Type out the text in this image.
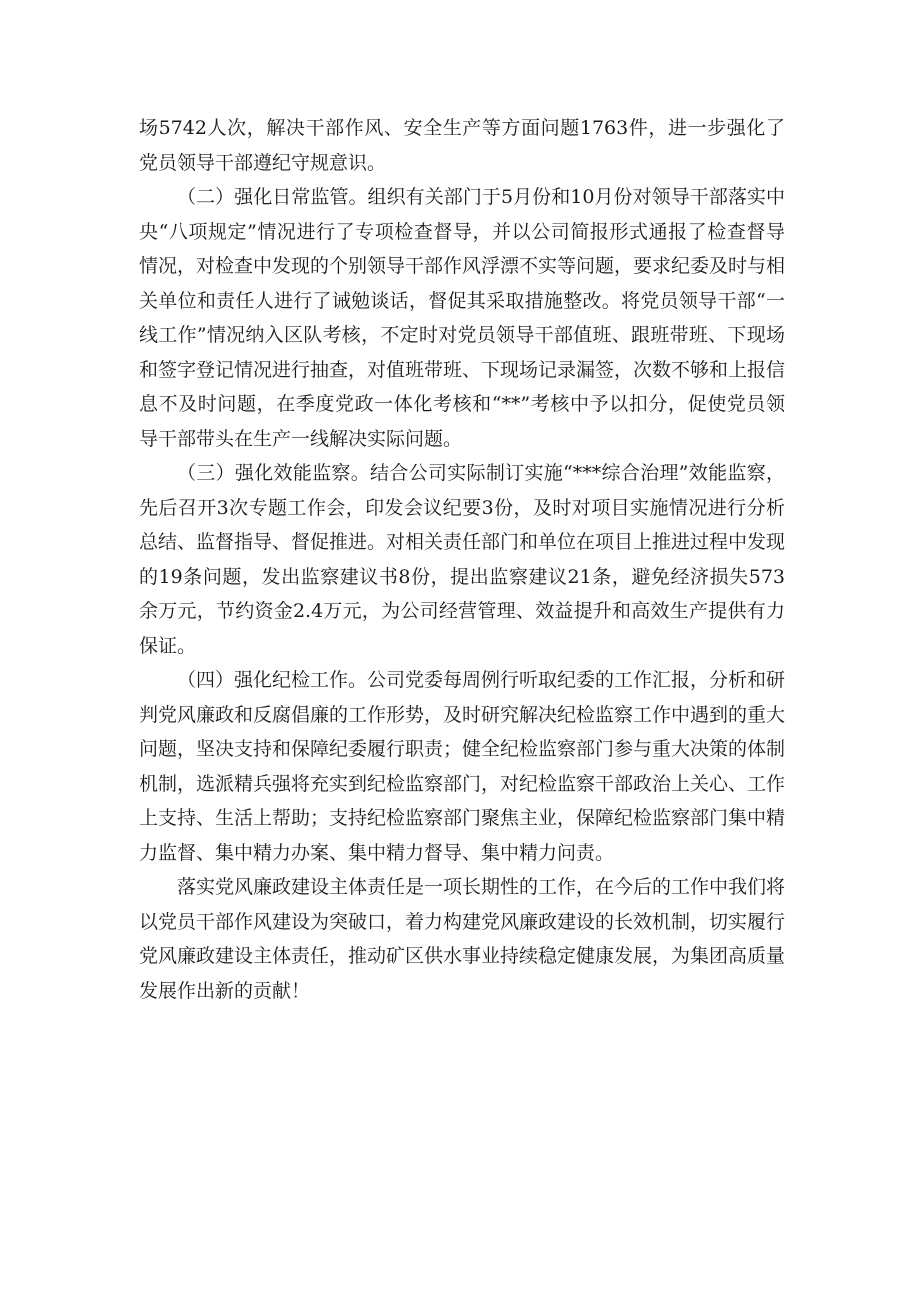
场5742人次，解决干部作风、安全生产等方面问题1763件，进一步强化了党员领导干部遵纪守规意识。

（二）强化日常监管。组织有关部门于5月份和10月份对领导干部落实中央“八项规定”情况进行了专项检查督导，并以公司简报形式通报了检查督导情况，对检查中发现的个别领导干部作风浮漂不实等问题，要求纪委及时与相关单位和责任人进行了诫勉谈话，督促其采取措施整改。将党员领导干部“一线工作”情况纳入区队考核，不定时对党员领导干部值班、跟班带班、下现场和签字登记情况进行抽查，对值班带班、下现场记录漏签，次数不够和上报信息不及时问题，在季度党政一体化考核和“**”考核中予以扣分，促使党员领导干部带头在生产一线解决实际问题。

（三）强化效能监察。结合公司实际制订实施“***综合治理”效能监察，先后召开3次专题工作会，印发会议纪要3份，及时对项目实施情况进行分析总结、监督指导、督促推进。对相关责任部门和单位在项目上推进过程中发现的19条问题，发出监察建议书8份，提出监察建议21条，避免经济损失573余万元，节约资金2.4万元，为公司经营管理、效益提升和高效生产提供有力保证。

（四）强化纪检工作。公司党委每周例行听取纪委的工作汇报，分析和研判党风廉政和反腐倡廉的工作形势，及时研究解决纪检监察工作中遇到的重大问题，坚决支持和保障纪委履行职责；健全纪检监察部门参与重大决策的体制机制，选派精兵强将充实到纪检监察部门，对纪检监察干部政治上关心、工作上支持、生活上帮助；支持纪检监察部门聚焦主业，保障纪检监察部门集中精力监督、集中精力办案、集中精力督导、集中精力问责。

落实党风廉政建设主体责任是一项长期性的工作，在今后的工作中我们将以党员干部作风建设为突破口，着力构建党风廉政建设的长效机制，切实履行党风廉政建设主体责任，推动矿区供水事业持续稳定健康发展，为集团高质量发展作出新的贡献！
